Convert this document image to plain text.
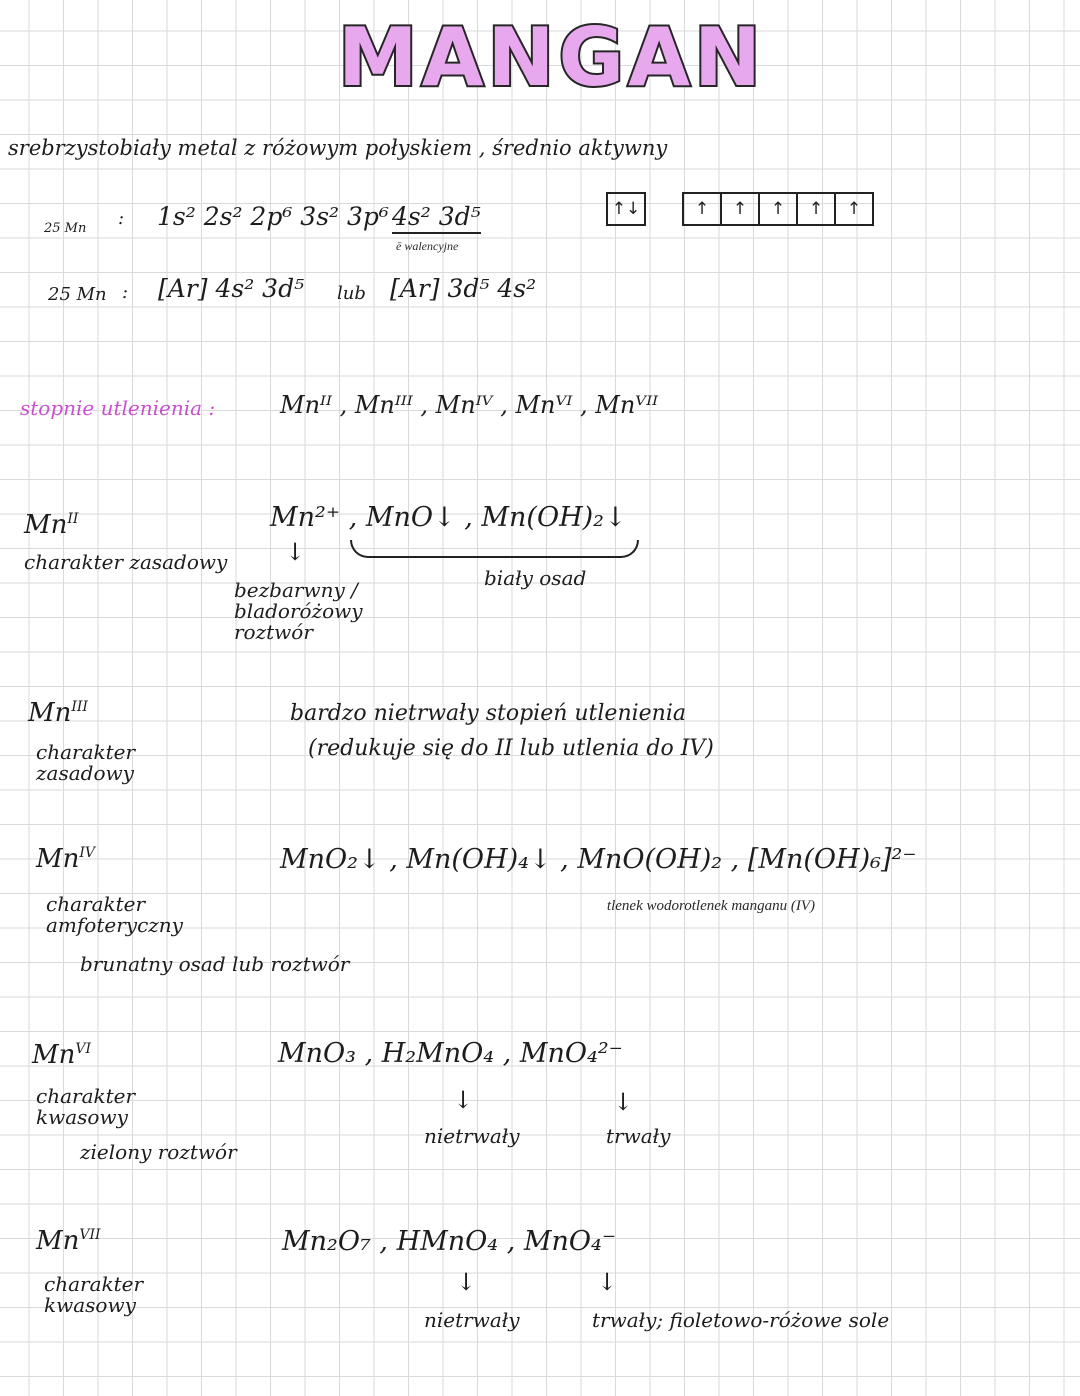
MANGAN
srebrzystobiały metal z różowym połyskiem , średnio aktywny
25 Mn : 1s² 2s² 2p⁶ 3s² 3p⁶ 4s² 3d⁵
ē walencyjne
↑↓	↑	↑	↑	↑	↑
25 Mn : [Ar] 4s² 3d⁵ lub [Ar] 3d⁵ 4s²
stopnie utlenienia :	Mnᴵᴵ , Mnᴵᴵᴵ , Mnᴵⱽ , Mnⱽᴵ , Mnⱽᴵᴵ
$Mn^{II}$
charakter zasadowy
Mn²⁺ , MnO↓ , Mn(OH)₂↓
↓
bezbarwny / bladoróżowy roztwór
biały osad
$Mn^{III}$
charakter zasadowy
bardzo nietrwały stopień utlenienia
(redukuje się do II lub utlenia do IV)
$Mn^{IV}$
charakter amfoteryczny
MnO₂↓ , Mn(OH)₄↓ , MnO(OH)₂ , [Mn(OH)₆]²⁻
tlenek wodorotlenek manganu (IV)
brunatny osad lub roztwór
$Mn^{VI}$
charakter kwasowy
zielony roztwór
MnO₃ , H₂MnO₄ , MnO₄²⁻
↓	↓
nietrwały	trwały
$Mn^{VII}$
charakter kwasowy
Mn₂O₇ , HMnO₄ , MnO₄⁻
↓	↓
nietrwały	trwały; fioletowo-różowe sole
